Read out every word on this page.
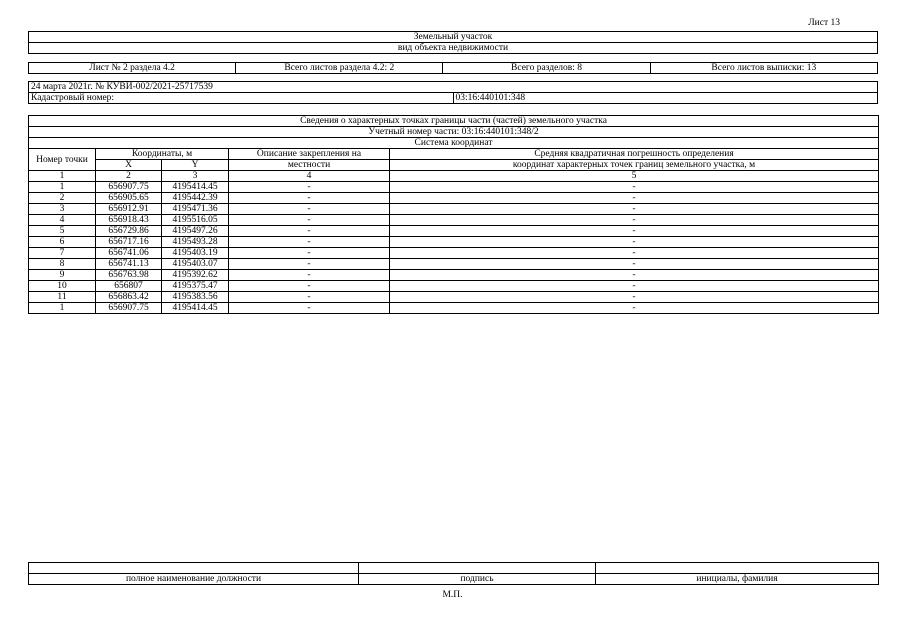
Лист 13
Земельный участок
вид объекта недвижимости
Лист № 2 раздела 4.2	Всего листов раздела 4.2: 2	Всего разделов: 8	Всего листов выписки: 13
24 марта 2021г. № КУВИ-002/2021-25717539
Кадастровый номер:	03:16:440101:348
Сведения о характерных точках границы части (частей) земельного участка				
Учетный номер части: 03:16:440101:348/2				
Система координат				
Номер точки	Координаты, м		Описание закрепления на	Средняя квадратичная погрешность определения
	X	Y	местности	координат характерных точек границ земельного участка, м
1	2	3	4	5
1	656907.75	4195414.45	-	-
2	656905.65	4195442.39	-	-
3	656912.91	4195471.36	-	-
4	656918.43	4195516.05	-	-
5	656729.86	4195497.26	-	-
6	656717.16	4195493.28	-	-
7	656741.06	4195403.19	-	-
8	656741.13	4195403.07	-	-
9	656763.98	4195392.62	-	-
10	656807	4195375.47	-	-
11	656863.42	4195383.56	-	-
1	656907.75	4195414.45	-	-

полное наименование должности	подпись	инициалы, фамилия
М.П.
